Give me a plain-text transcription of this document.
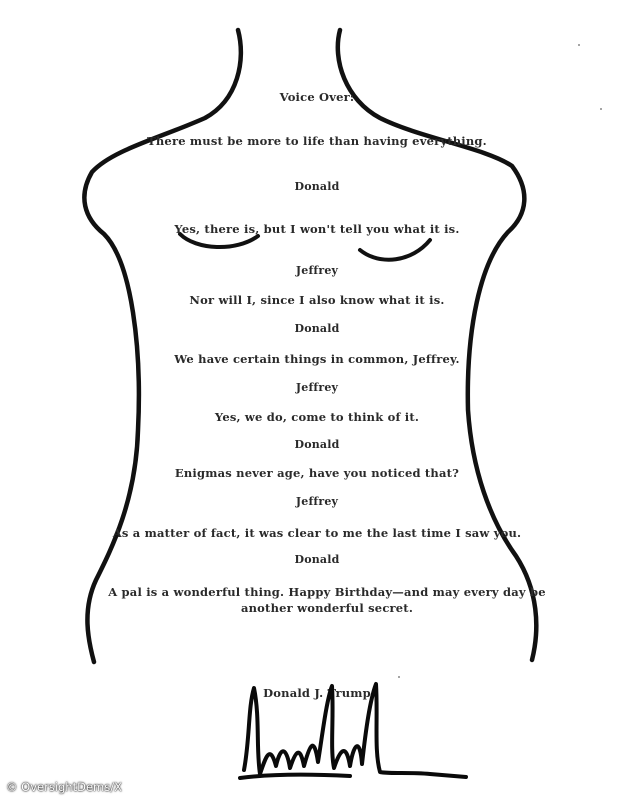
Voice Over:
There must be more to life than having everything.
Donald
Yes, there is, but I won't tell you what it is.
Jeffrey
Nor will I, since I also know what it is.
Donald
We have certain things in common, Jeffrey.
Jeffrey
Yes, we do, come to think of it.
Donald
Enigmas never age, have you noticed that?
Jeffrey
As a matter of fact, it was clear to me the last time I saw you.
Donald
A pal is a wonderful thing. Happy Birthday—and may every day be another wonderful secret.
Donald J. Trump
© OversightDems/X
